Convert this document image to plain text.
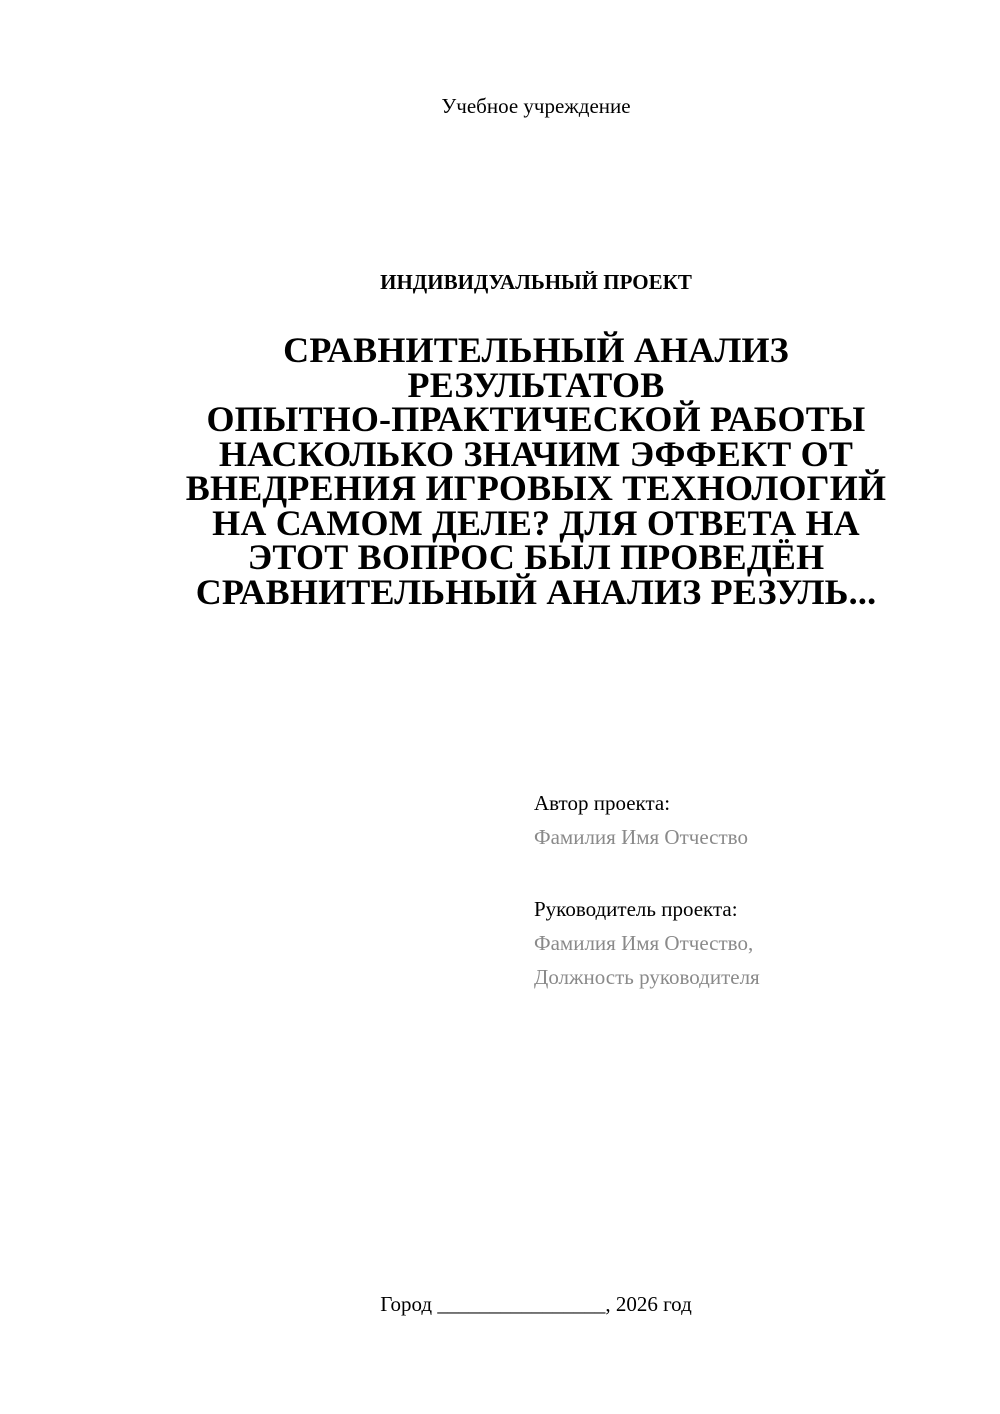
Учебное учреждение
ИНДИВИДУАЛЬНЫЙ ПРОЕКТ
СРАВНИТЕЛЬНЫЙ АНАЛИЗ
РЕЗУЛЬТАТОВ
ОПЫТНО-ПРАКТИЧЕСКОЙ РАБОТЫ
НАСКОЛЬКО ЗНАЧИМ ЭФФЕКТ ОТ
ВНЕДРЕНИЯ ИГРОВЫХ ТЕХНОЛОГИЙ
НА САМОМ ДЕЛЕ? ДЛЯ ОТВЕТА НА
ЭТОТ ВОПРОС БЫЛ ПРОВЕДЁН
СРАВНИТЕЛЬНЫЙ АНАЛИЗ РЕЗУЛЬ...
Автор проекта:
Фамилия Имя Отчество
Руководитель проекта:
Фамилия Имя Отчество,
Должность руководителя
Город ________________, 2026 год
